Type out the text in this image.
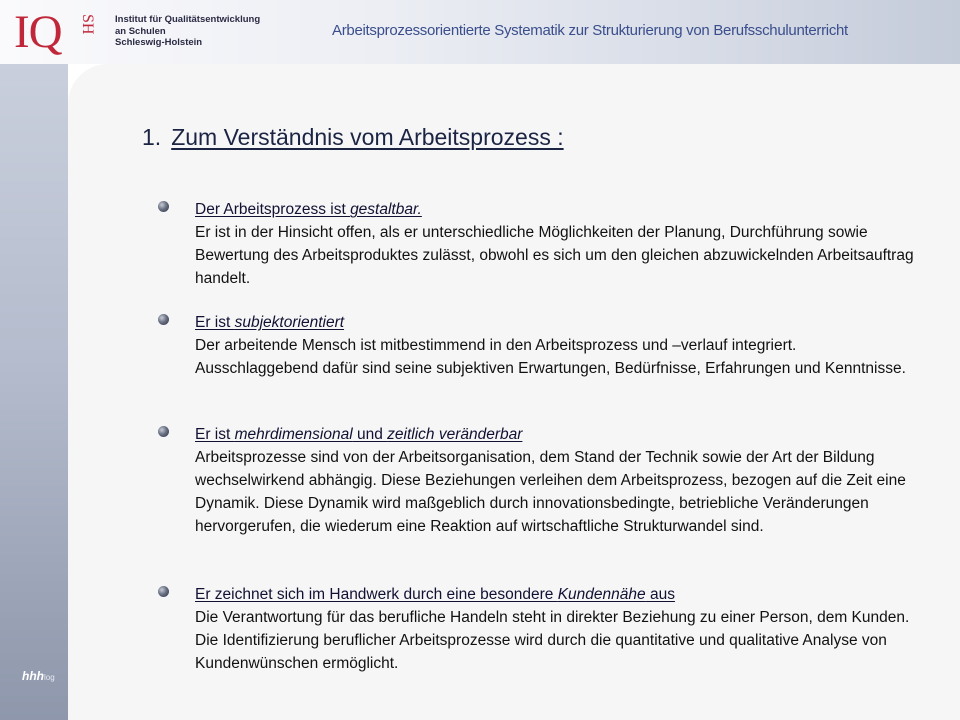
IQ SH Institut für Qualitätsentwicklung
an Schulen
Schleswig-Holstein
Arbeitsprozessorientierte Systematik zur Strukturierung von Berufsschulunterricht
hhhlog
1. Zum Verständnis vom Arbeitsprozess :
Der Arbeitsprozess ist gestaltbar.
Er ist in der Hinsicht offen, als er unterschiedliche Möglichkeiten der Planung, Durchführung sowie Bewertung des Arbeitsproduktes zulässt, obwohl es sich um den gleichen abzuwickelnden Arbeitsauftrag handelt.
Er ist subjektorientiert
Der arbeitende Mensch ist mitbestimmend in den Arbeitsprozess und –verlauf integriert. Ausschlaggebend dafür sind seine subjektiven Erwartungen, Bedürfnisse, Erfahrungen und Kenntnisse.
Er ist mehrdimensional und zeitlich veränderbar
Arbeitsprozesse sind von der Arbeitsorganisation, dem Stand der Technik sowie der Art der Bildung wechselwirkend abhängig. Diese Beziehungen verleihen dem Arbeitsprozess, bezogen auf die Zeit eine Dynamik. Diese Dynamik wird maßgeblich durch innovationsbedingte, betriebliche Veränderungen hervorgerufen, die wiederum eine Reaktion auf wirtschaftliche Strukturwandel sind.
Er zeichnet sich im Handwerk durch eine besondere Kundennähe aus
Die Verantwortung für das berufliche Handeln steht in direkter Beziehung zu einer Person, dem Kunden. Die Identifizierung beruflicher Arbeitsprozesse wird durch die quantitative und qualitative Analyse von Kundenwünschen ermöglicht.
